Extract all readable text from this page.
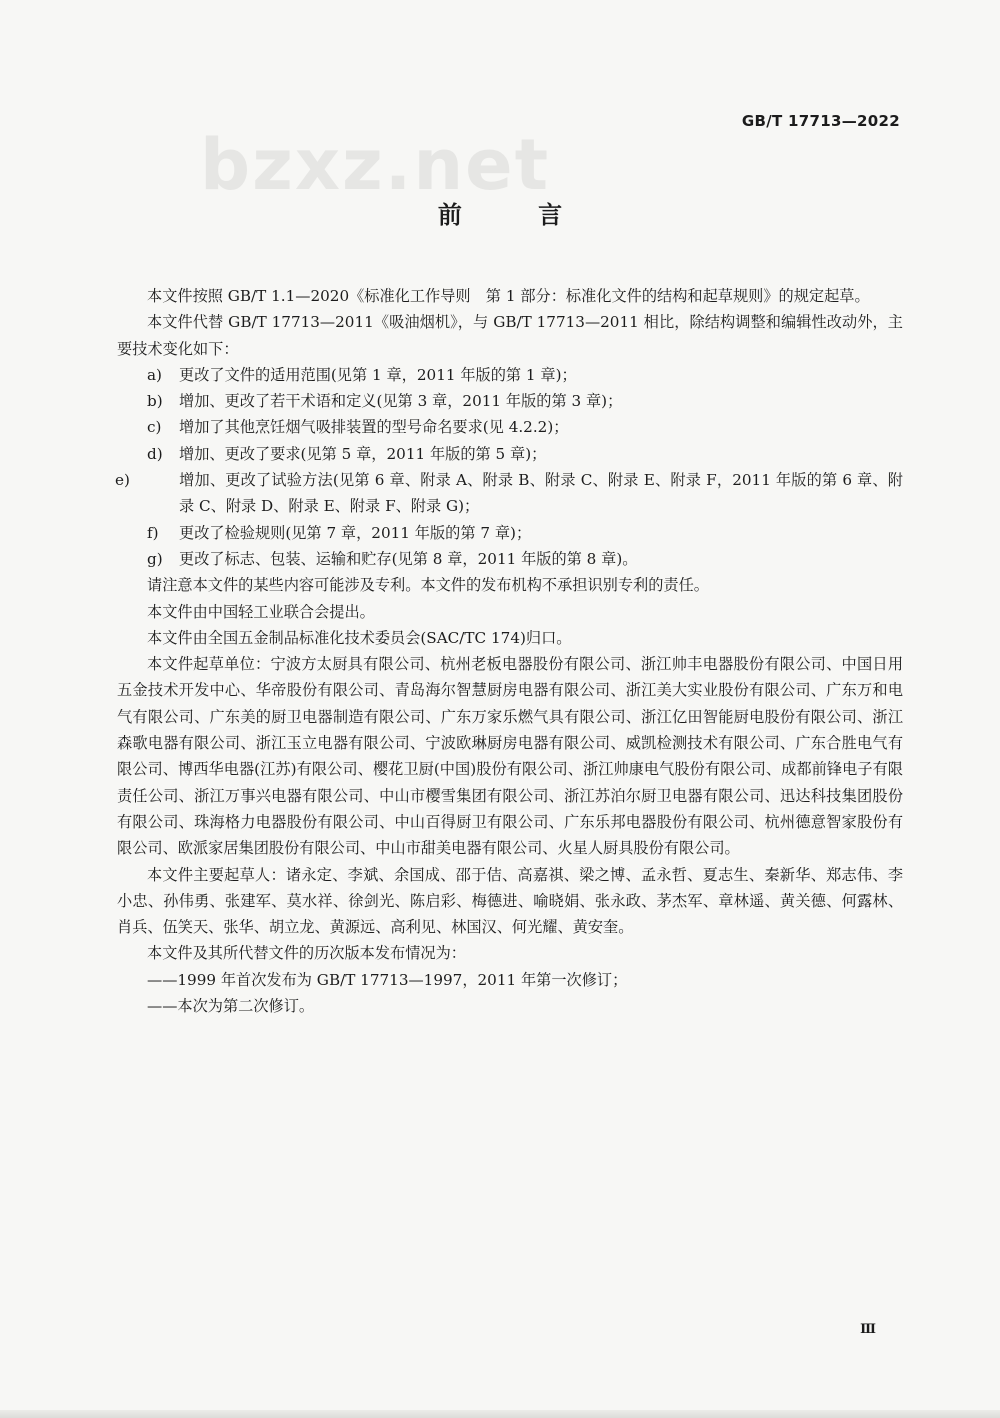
bzxz.net
GB/T 17713—2022
前 言

本文件按照 GB/T 1.1—2020《标准化工作导则　第 1 部分：标准化文件的结构和起草规则》的规定起草。

本文件代替 GB/T 17713—2011《吸油烟机》，与 GB/T 17713—2011 相比，除结构调整和编辑性改动外，主要技术变化如下：

a) 更改了文件的适用范围(见第 1 章，2011 年版的第 1 章)；

b) 增加、更改了若干术语和定义(见第 3 章，2011 年版的第 3 章)；

c) 增加了其他烹饪烟气吸排装置的型号命名要求(见 4.2.2)；

d) 增加、更改了要求(见第 5 章，2011 年版的第 5 章)；

e)	增加、更改了试验方法(见第 6 章、附录 A、附录 B、附录 C、附录 E、附录 F，2011 年版的第 6 章、附录 C、附录 D、附录 E、附录 F、附录 G)；

f) 更改了检验规则(见第 7 章，2011 年版的第 7 章)；

g) 更改了标志、包装、运输和贮存(见第 8 章，2011 年版的第 8 章)。

请注意本文件的某些内容可能涉及专利。本文件的发布机构不承担识别专利的责任。

本文件由中国轻工业联合会提出。

本文件由全国五金制品标准化技术委员会(SAC/TC 174)归口。

本文件起草单位：宁波方太厨具有限公司、杭州老板电器股份有限公司、浙江帅丰电器股份有限公司、中国日用五金技术开发中心、华帝股份有限公司、青岛海尔智慧厨房电器有限公司、浙江美大实业股份有限公司、广东万和电气有限公司、广东美的厨卫电器制造有限公司、广东万家乐燃气具有限公司、浙江亿田智能厨电股份有限公司、浙江森歌电器有限公司、浙江玉立电器有限公司、宁波欧琳厨房电器有限公司、威凯检测技术有限公司、广东合胜电气有限公司、博西华电器(江苏)有限公司、樱花卫厨(中国)股份有限公司、浙江帅康电气股份有限公司、成都前锋电子有限责任公司、浙江万事兴电器有限公司、中山市樱雪集团有限公司、浙江苏泊尔厨卫电器有限公司、迅达科技集团股份有限公司、珠海格力电器股份有限公司、中山百得厨卫有限公司、广东乐邦电器股份有限公司、杭州德意智家股份有限公司、欧派家居集团股份有限公司、中山市甜美电器有限公司、火星人厨具股份有限公司。

本文件主要起草人：诸永定、李斌、余国成、邵于佶、高嘉祺、梁之博、孟永哲、夏志生、秦新华、郑志伟、李小忠、孙伟勇、张建军、莫水祥、徐剑光、陈启彩、梅德进、喻晓娟、张永政、茅杰军、章林遥、黄关德、何露林、肖兵、伍笑天、张华、胡立龙、黄源远、高利见、林国汉、何光耀、黄安奎。

本文件及其所代替文件的历次版本发布情况为：

——1999 年首次发布为 GB/T 17713—1997，2011 年第一次修订；

——本次为第二次修订。

Ⅲ
